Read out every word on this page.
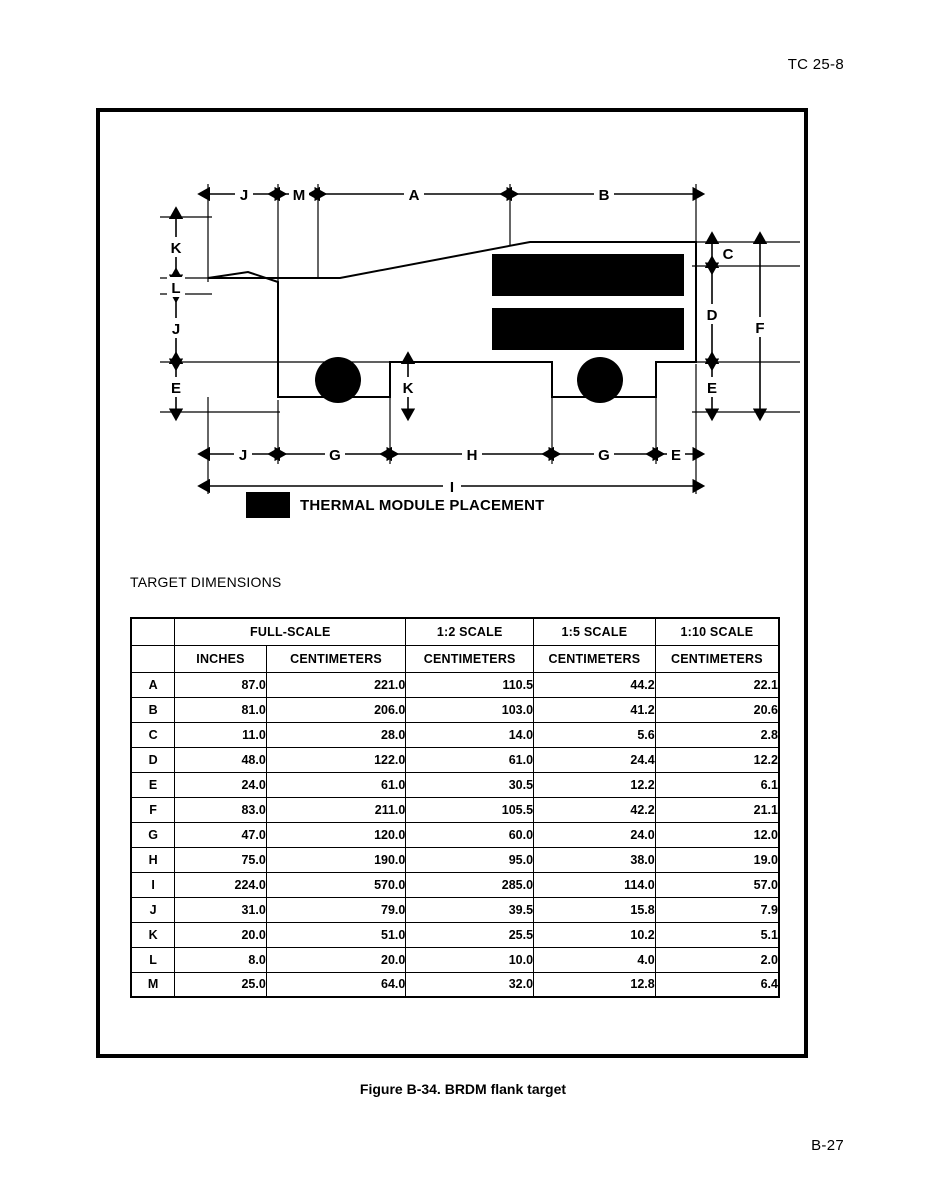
TC 25-8
J	M	A	B
K
L
J
E
C
D
E
F
K
J	G	H	G	E
I
THERMAL MODULE PLACEMENT
TARGET DIMENSIONS
	FULL-SCALE		1:2 SCALE	1:5 SCALE	1:10 SCALE
	INCHES	CENTIMETERS	CENTIMETERS	CENTIMETERS	CENTIMETERS
A	87.0	221.0	110.5	44.2	22.1
B	81.0	206.0	103.0	41.2	20.6
C	11.0	28.0	14.0	5.6	2.8
D	48.0	122.0	61.0	24.4	12.2
E	24.0	61.0	30.5	12.2	6.1
F	83.0	211.0	105.5	42.2	21.1
G	47.0	120.0	60.0	24.0	12.0
H	75.0	190.0	95.0	38.0	19.0
I	224.0	570.0	285.0	114.0	57.0
J	31.0	79.0	39.5	15.8	7.9
K	20.0	51.0	25.5	10.2	5.1
L	8.0	20.0	10.0	4.0	2.0
M	25.0	64.0	32.0	12.8	6.4
Figure B-34. BRDM flank target
B-27
